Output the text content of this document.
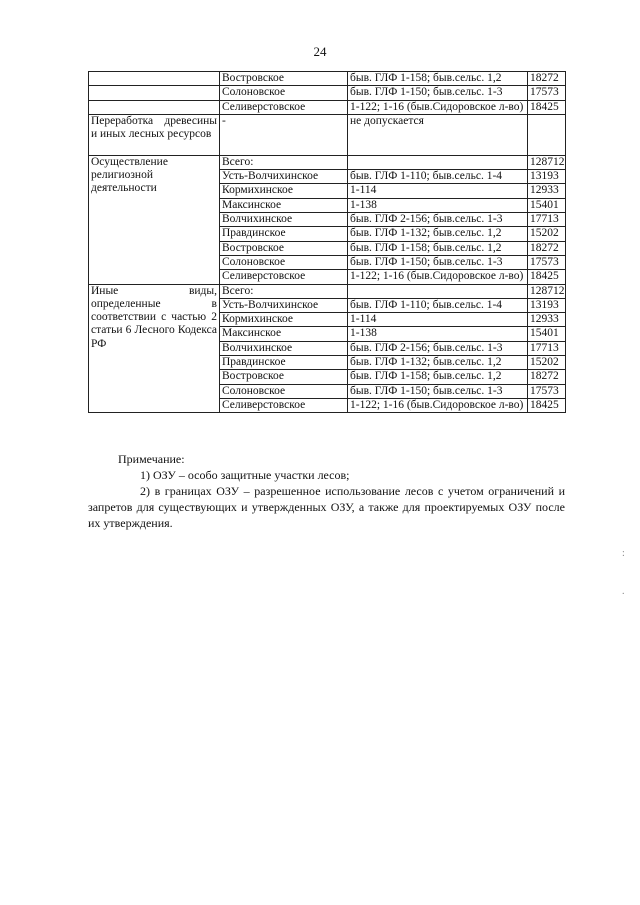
24
	Востровское	быв. ГЛФ 1-158; быв.сельс. 1,2	18272
	Солоновское	быв. ГЛФ 1-150; быв.сельс. 1-3	17573
	Селиверстовское	1-122; 1-16 (быв.Сидоровское л-во)	18425
Переработка древесины и иных лесных ресурсов	-	не допускается	
Осуществление религиозной деятельности	Всего:		128712
	Усть-Волчихинское	быв. ГЛФ 1-110; быв.сельс. 1-4	13193
	Кормихинское	1-114	12933
	Максинское	1-138	15401
	Волчихинское	быв. ГЛФ 2-156; быв.сельс. 1-3	17713
	Правдинское	быв. ГЛФ 1-132; быв.сельс. 1,2	15202
	Востровское	быв. ГЛФ 1-158; быв.сельс. 1,2	18272
	Солоновское	быв. ГЛФ 1-150; быв.сельс. 1-3	17573
	Селиверстовское	1-122; 1-16 (быв.Сидоровское л-во)	18425
Иные виды, определенные в соответствии с частью 2 статьи 6 Лесного Кодекса РФ	Всего:		128712
	Усть-Волчихинское	быв. ГЛФ 1-110; быв.сельс. 1-4	13193
	Кормихинское	1-114	12933
	Максинское	1-138	15401
	Волчихинское	быв. ГЛФ 2-156; быв.сельс. 1-3	17713
	Правдинское	быв. ГЛФ 1-132; быв.сельс. 1,2	15202
	Востровское	быв. ГЛФ 1-158; быв.сельс. 1,2	18272
	Солоновское	быв. ГЛФ 1-150; быв.сельс. 1-3	17573
	Селиверстовское	1-122; 1-16 (быв.Сидоровское л-во)	18425

Примечание:

1) ОЗУ – особо защитные участки лесов;

2) в границах ОЗУ – разрешенное использование лесов с учетом ограничений и запретов для существующих и утвержденных ОЗУ, а также для проектируемых ОЗУ после их утверждения.

:
.
